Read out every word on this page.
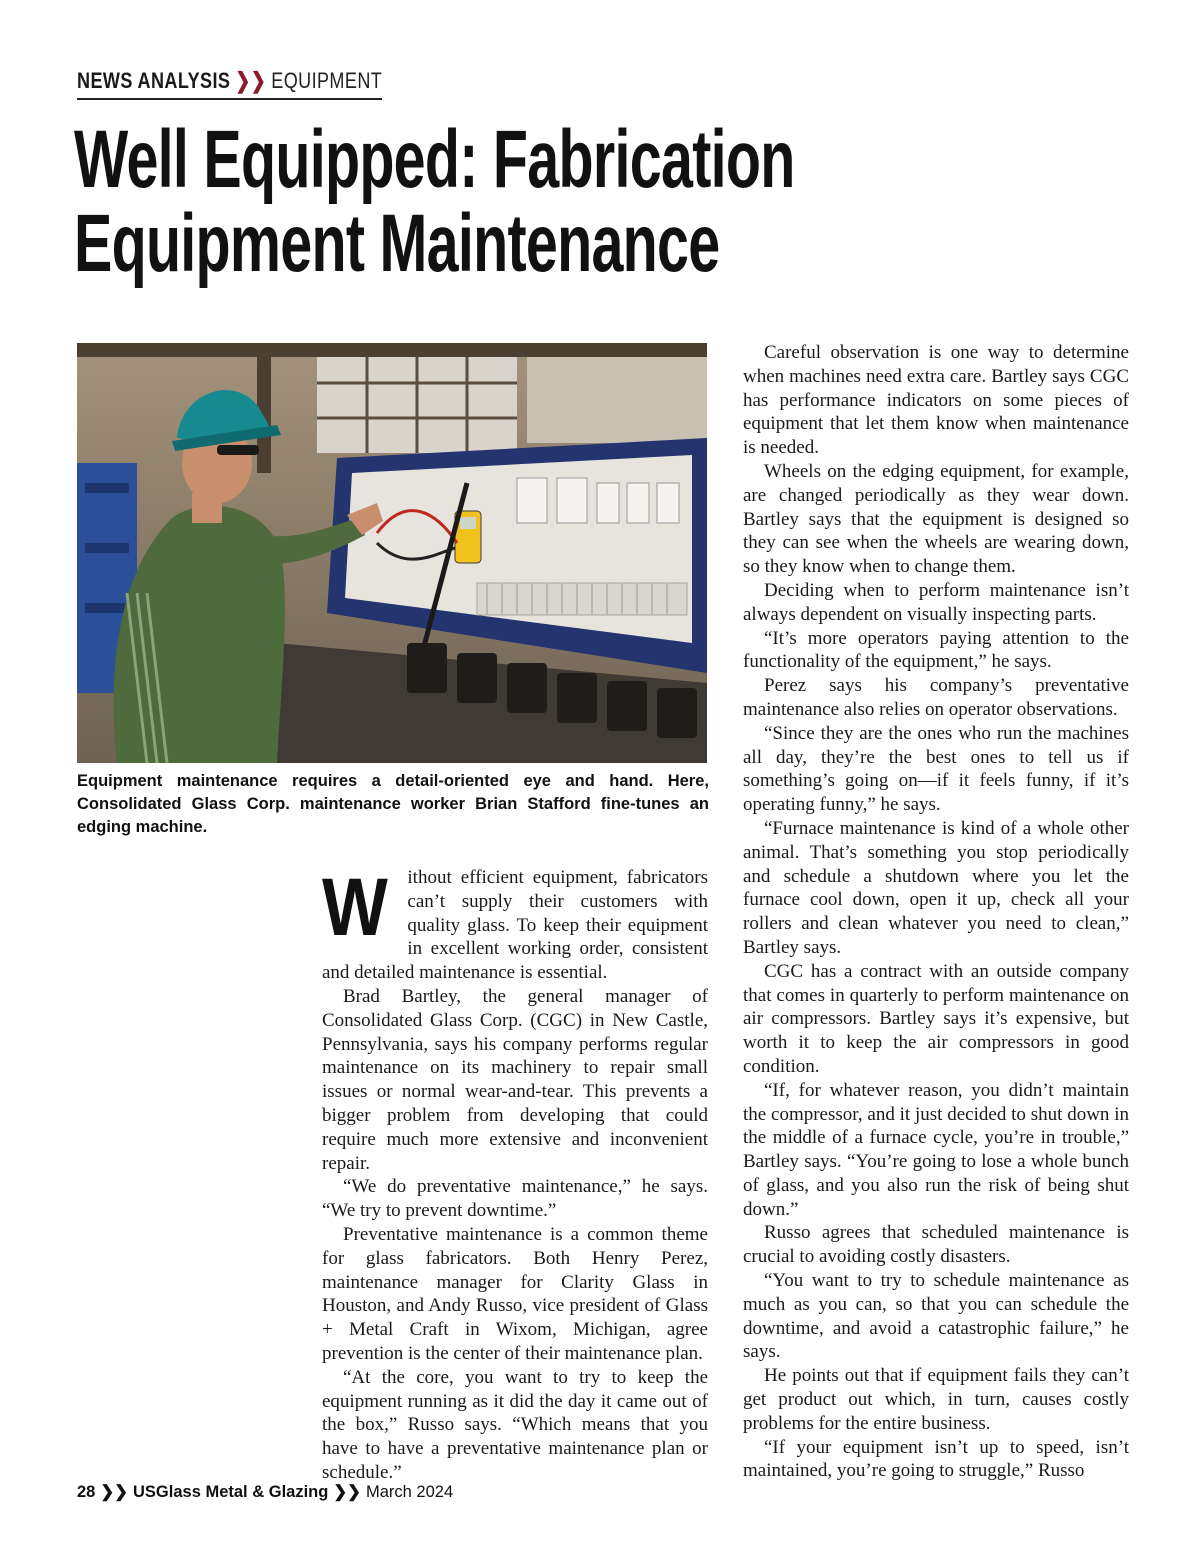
NEWS ANALYSIS ❯❯ EQUIPMENT
Well Equipped: Fabrication
Equipment Maintenance

Equipment maintenance requires a detail-oriented eye and hand. Here, Consolidated Glass Corp. maintenance worker Brian Stafford fine-tunes an edging machine.

W ithout efficient equipment, fabricators can’t supply their customers with quality glass. To keep their equipment in excellent working order, consistent and detailed maintenance is essential.

Brad Bartley, the general manager of Consolidated Glass Corp. (CGC) in New Castle, Pennsylvania, says his company performs regular maintenance on its machinery to repair small issues or normal wear-and-tear. This prevents a bigger problem from developing that could require much more extensive and inconvenient repair.

“We do preventative maintenance,” he says. “We try to prevent downtime.”

Preventative maintenance is a common theme for glass fabricators. Both Henry Perez, maintenance manager for Clarity Glass in Houston, and Andy Russo, vice president of Glass + Metal Craft in Wixom, Michigan, agree prevention is the center of their maintenance plan.

“At the core, you want to try to keep the equipment running as it did the day it came out of the box,” Russo says. “Which means that you have to have a preventative maintenance plan or schedule.”

Careful observation is one way to determine when machines need extra care. Bartley says CGC has performance indicators on some pieces of equipment that let them know when maintenance is needed.

Wheels on the edging equipment, for example, are changed periodically as they wear down. Bartley says that the equipment is designed so they can see when the wheels are wearing down, so they know when to change them.

Deciding when to perform maintenance isn’t always dependent on visually inspecting parts.

“It’s more operators paying attention to the functionality of the equipment,” he says.

Perez says his company’s preventative maintenance also relies on operator observations.

“Since they are the ones who run the machines all day, they’re the best ones to tell us if something’s going on—if it feels funny, if it’s operating funny,” he says.

“Furnace maintenance is kind of a whole other animal. That’s something you stop periodically and schedule a shutdown where you let the furnace cool down, open it up, check all your rollers and clean whatever you need to clean,” Bartley says.

CGC has a contract with an outside company that comes in quarterly to perform maintenance on air compressors. Bartley says it’s expensive, but worth it to keep the air compressors in good condition.

“If, for whatever reason, you didn’t maintain the compressor, and it just decided to shut down in the middle of a furnace cycle, you’re in trouble,” Bartley says. “You’re going to lose a whole bunch of glass, and you also run the risk of being shut down.”

Russo agrees that scheduled maintenance is crucial to avoiding costly disasters.

“You want to try to schedule maintenance as much as you can, so that you can schedule the downtime, and avoid a catastrophic failure,” he says.

He points out that if equipment fails they can’t get product out which, in turn, causes costly problems for the entire business.

“If your equipment isn’t up to speed, isn’t maintained, you’re going to struggle,” Russo

28 ❯❯ USGlass Metal & Glazing ❯❯ March 2024
